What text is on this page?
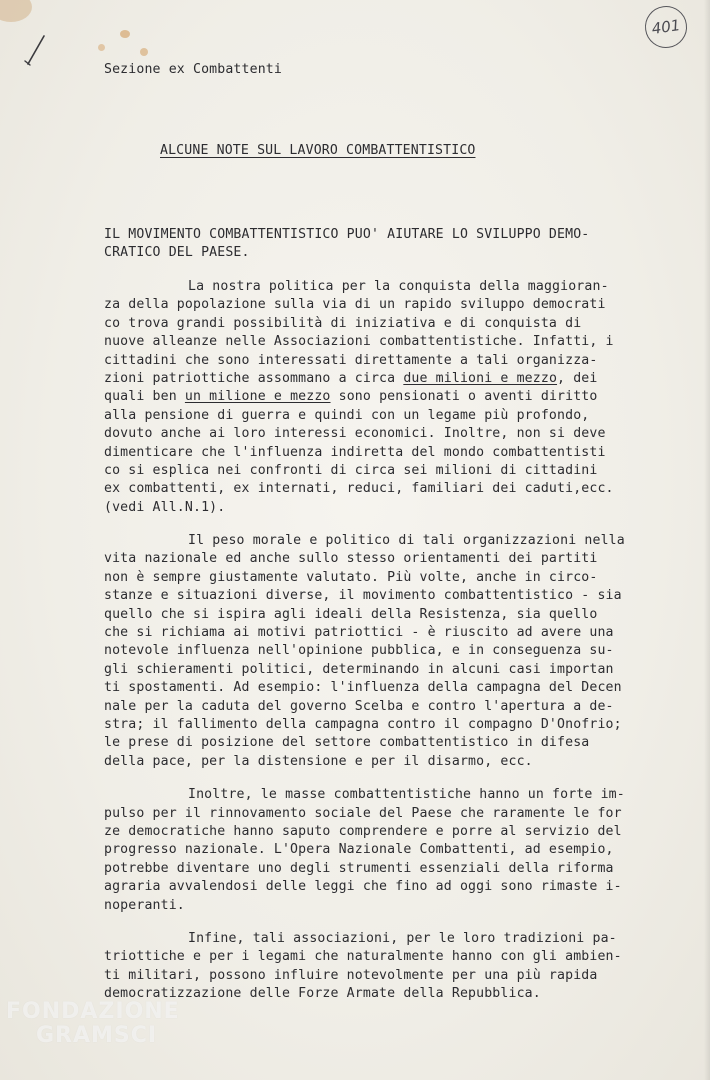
401
Sezione ex Combattenti
ALCUNE NOTE SUL LAVORO COMBATTENTISTICO
IL MOVIMENTO COMBATTENTISTICO PUO' AIUTARE LO SVILUPPO DEMO-
CRATICO DEL PAESE.
La nostra politica per la conquista della maggioran-
za della popolazione sulla via di un rapido sviluppo democrati
co trova grandi possibilità di iniziativa e di conquista di
nuove alleanze nelle Associazioni combattentistiche. Infatti, i
cittadini che sono interessati direttamente a tali organizza-
zioni patriottiche assommano a circa due milioni e mezzo, dei
quali ben un milione e mezzo sono pensionati o aventi diritto
alla pensione di guerra e quindi con un legame più profondo,
dovuto anche ai loro interessi economici. Inoltre, non si deve
dimenticare che l'influenza indiretta del mondo combattentisti
co si esplica nei confronti di circa sei milioni di cittadini
ex combattenti, ex internati, reduci, familiari dei caduti,ecc.
(vedi All.N.1).
Il peso morale e politico di tali organizzazioni nella
vita nazionale ed anche sullo stesso orientamenti dei partiti
non è sempre giustamente valutato. Più volte, anche in circo-
stanze e situazioni diverse, il movimento combattentistico - sia
quello che si ispira agli ideali della Resistenza, sia quello
che si richiama ai motivi patriottici - è riuscito ad avere una
notevole influenza nell'opinione pubblica, e in conseguenza su-
gli schieramenti politici, determinando in alcuni casi importan
ti spostamenti. Ad esempio: l'influenza della campagna del Decen
nale per la caduta del governo Scelba e contro l'apertura a de-
stra; il fallimento della campagna contro il compagno D'Onofrio;
le prese di posizione del settore combattentistico in difesa
della pace, per la distensione e per il disarmo, ecc.
Inoltre, le masse combattentistiche hanno un forte im-
pulso per il rinnovamento sociale del Paese che raramente le for
ze democratiche hanno saputo comprendere e porre al servizio del
progresso nazionale. L'Opera Nazionale Combattenti, ad esempio,
potrebbe diventare uno degli strumenti essenziali della riforma
agraria avvalendosi delle leggi che fino ad oggi sono rimaste i-
noperanti.
Infine, tali associazioni, per le loro tradizioni pa-
triottiche e per i legami che naturalmente hanno con gli ambien-
ti militari, possono influire notevolmente per una più rapida
democratizzazione delle Forze Armate della Repubblica.
FONDAZIONE
GRAMSCI
